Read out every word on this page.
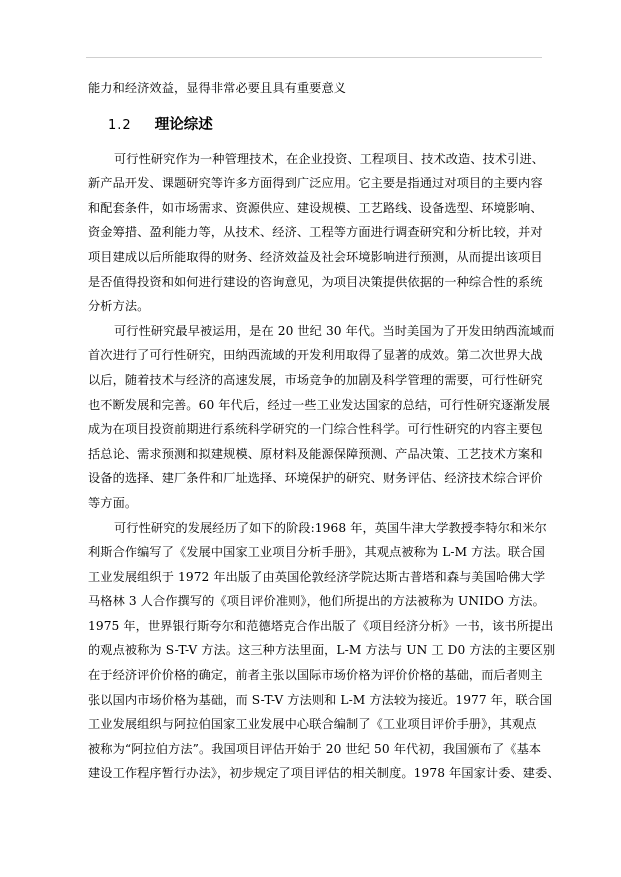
能力和经济效益，显得非常必要且具有重要意义
1.2 理论综述
可行性研究作为一种管理技术，在企业投资、工程项目、技术改造、技术引进、
新产品开发、课题研究等许多方面得到广泛应用。它主要是指通过对项目的主要内容
和配套条件，如市场需求、资源供应、建设规模、工艺路线、设备选型、环境影响、
资金筹措、盈利能力等，从技术、经济、工程等方面进行调查研究和分析比较，并对
项目建成以后所能取得的财务、经济效益及社会环境影响进行预测，从而提出该项目
是否值得投资和如何进行建设的咨询意见，为项目决策提供依据的一种综合性的系统
分析方法。
可行性研究最早被运用，是在 20 世纪 30 年代。当时美国为了开发田纳西流域而
首次进行了可行性研究，田纳西流域的开发利用取得了显著的成效。第二次世界大战
以后，随着技术与经济的高速发展，市场竞争的加剧及科学管理的需要，可行性研究
也不断发展和完善。60 年代后，经过一些工业发达国家的总结，可行性研究逐渐发展
成为在项目投资前期进行系统科学研究的一门综合性科学。可行性研究的内容主要包
括总论、需求预测和拟建规模、原材料及能源保障预测、产品决策、工艺技术方案和
设备的选择、建厂条件和厂址选择、环境保护的研究、财务评估、经济技术综合评价
等方面。
可行性研究的发展经历了如下的阶段:1968 年，英国牛津大学教授李特尔和米尔
利斯合作编写了《发展中国家工业项目分析手册》，其观点被称为 L-M 方法。联合国
工业发展组织于 1972 年出版了由英国伦敦经济学院达斯古普塔和森与美国哈佛大学
马格林 3 人合作撰写的《项目评价准则》，他们所提出的方法被称为 UNIDO 方法。
1975 年，世界银行斯夸尔和范德塔克合作出版了《项目经济分析》一书，该书所提出
的观点被称为 S-T-V 方法。这三种方法里面，L-M 方法与 UN 工 D0 方法的主要区别
在于经济评价价格的确定，前者主张以国际市场价格为评价价格的基础，而后者则主
张以国内市场价格为基础，而 S-T-V 方法则和 L-M 方法较为接近。1977 年，联合国
工业发展组织与阿拉伯国家工业发展中心联合编制了《工业项目评价手册》，其观点
被称为“阿拉伯方法”。我国项目评估开始于 20 世纪 50 年代初，我国颁布了《基本
建设工作程序暂行办法》，初步规定了项目评估的相关制度。1978 年国家计委、建委、
